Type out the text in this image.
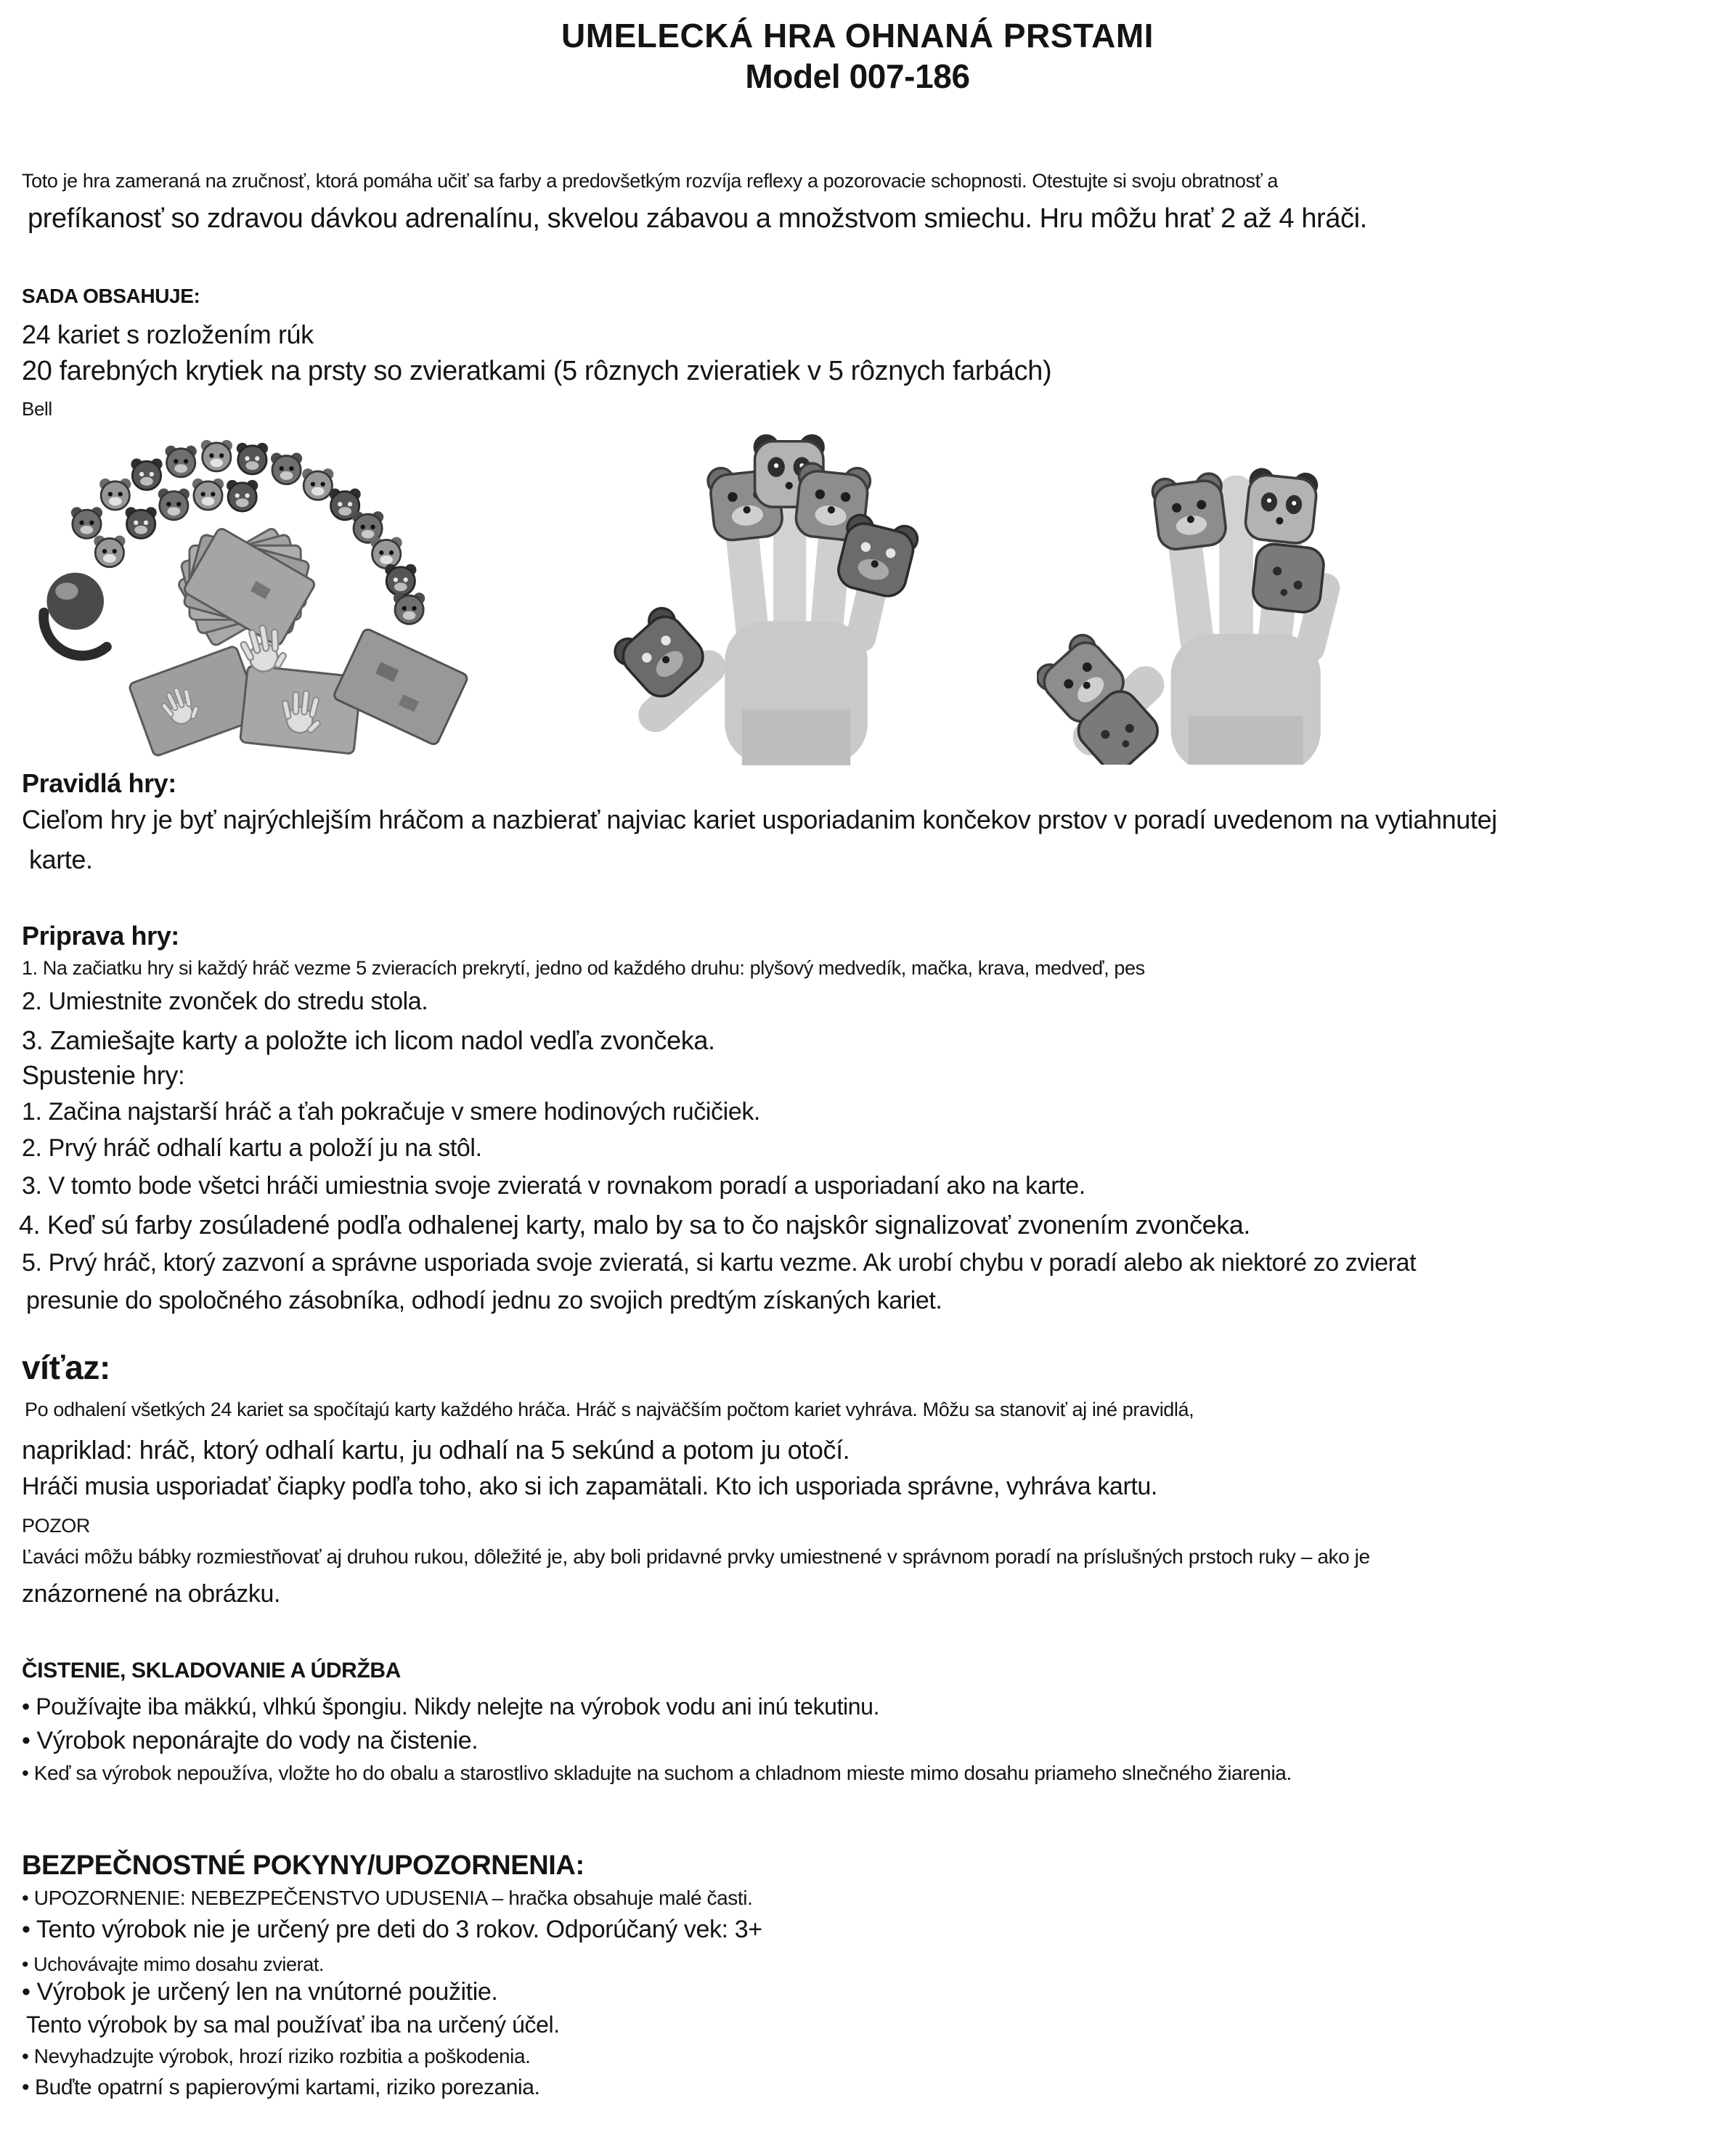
UMELECKÁ HRA OHNANÁ PRSTAMI
Model 007-186
Toto je hra zameraná na zručnosť, ktorá pomáha učiť sa farby a predovšetkým rozvíja reflexy a pozorovacie schopnosti. Otestujte si svoju obratnosť a
prefíkanosť so zdravou dávkou adrenalínu, skvelou zábavou a množstvom smiechu. Hru môžu hrať 2 až 4 hráči.
SADA OBSAHUJE:
24 kariet s rozložením rúk
20 farebných krytiek na prsty so zvieratkami (5 rôznych zvieratiek v 5 rôznych farbách)
Bell
Pravidlá hry:
Cieľom hry je byť najrýchlejším hráčom a nazbierať najviac kariet usporiadanim končekov prstov v poradí uvedenom na vytiahnutej
karte.
Priprava hry:
1. Na začiatku hry si každý hráč vezme 5 zvieracích prekrytí, jedno od každého druhu: plyšový medvedík, mačka, krava, medveď, pes
2. Umiestnite zvonček do stredu stola.
3. Zamiešajte karty a položte ich licom nadol vedľa zvončeka.
Spustenie hry:
1. Začina najstarší hráč a ťah pokračuje v smere hodinových ručičiek.
2. Prvý hráč odhalí kartu a položí ju na stôl.
3. V tomto bode všetci hráči umiestnia svoje zvieratá v rovnakom poradí a usporiadaní ako na karte.
4. Keď sú farby zosúladené podľa odhalenej karty, malo by sa to čo najskôr signalizovať zvonením zvončeka.
5. Prvý hráč, ktorý zazvoní a správne usporiada svoje zvieratá, si kartu vezme. Ak urobí chybu v poradí alebo ak niektoré zo zvierat
presunie do spoločného zásobníka, odhodí jednu zo svojich predtým získaných kariet.
víťaz:
Po odhalení všetkých 24 kariet sa spočítajú karty každého hráča. Hráč s najväčším počtom kariet vyhráva. Môžu sa stanoviť aj iné pravidlá,
napriklad: hráč, ktorý odhalí kartu, ju odhalí na 5 sekúnd a potom ju otočí.
Hráči musia usporiadať čiapky podľa toho, ako si ich zapamätali. Kto ich usporiada správne, vyhráva kartu.
POZOR
Ľaváci môžu bábky rozmiestňovať aj druhou rukou, dôležité je, aby boli pridavné prvky umiestnené v správnom poradí na príslušných prstoch ruky – ako je
znázornené na obrázku.
ČISTENIE, SKLADOVANIE A ÚDRŽBA
• Používajte iba mäkkú, vlhkú špongiu. Nikdy nelejte na výrobok vodu ani inú tekutinu.
• Výrobok neponárajte do vody na čistenie.
• Keď sa výrobok nepoužíva, vložte ho do obalu a starostlivo skladujte na suchom a chladnom mieste mimo dosahu priameho slnečného žiarenia.
BEZPEČNOSTNÉ POKYNY/UPOZORNENIA:
• UPOZORNENIE: NEBEZPEČENSTVO UDUSENIA – hračka obsahuje malé časti.
• Tento výrobok nie je určený pre deti do 3 rokov. Odporúčaný vek: 3+
• Uchovávajte mimo dosahu zvierat.
• Výrobok je určený len na vnútorné použitie.
Tento výrobok by sa mal používať iba na určený účel.
• Nevyhadzujte výrobok, hrozí riziko rozbitia a poškodenia.
• Buďte opatrní s papierovými kartami, riziko porezania.
